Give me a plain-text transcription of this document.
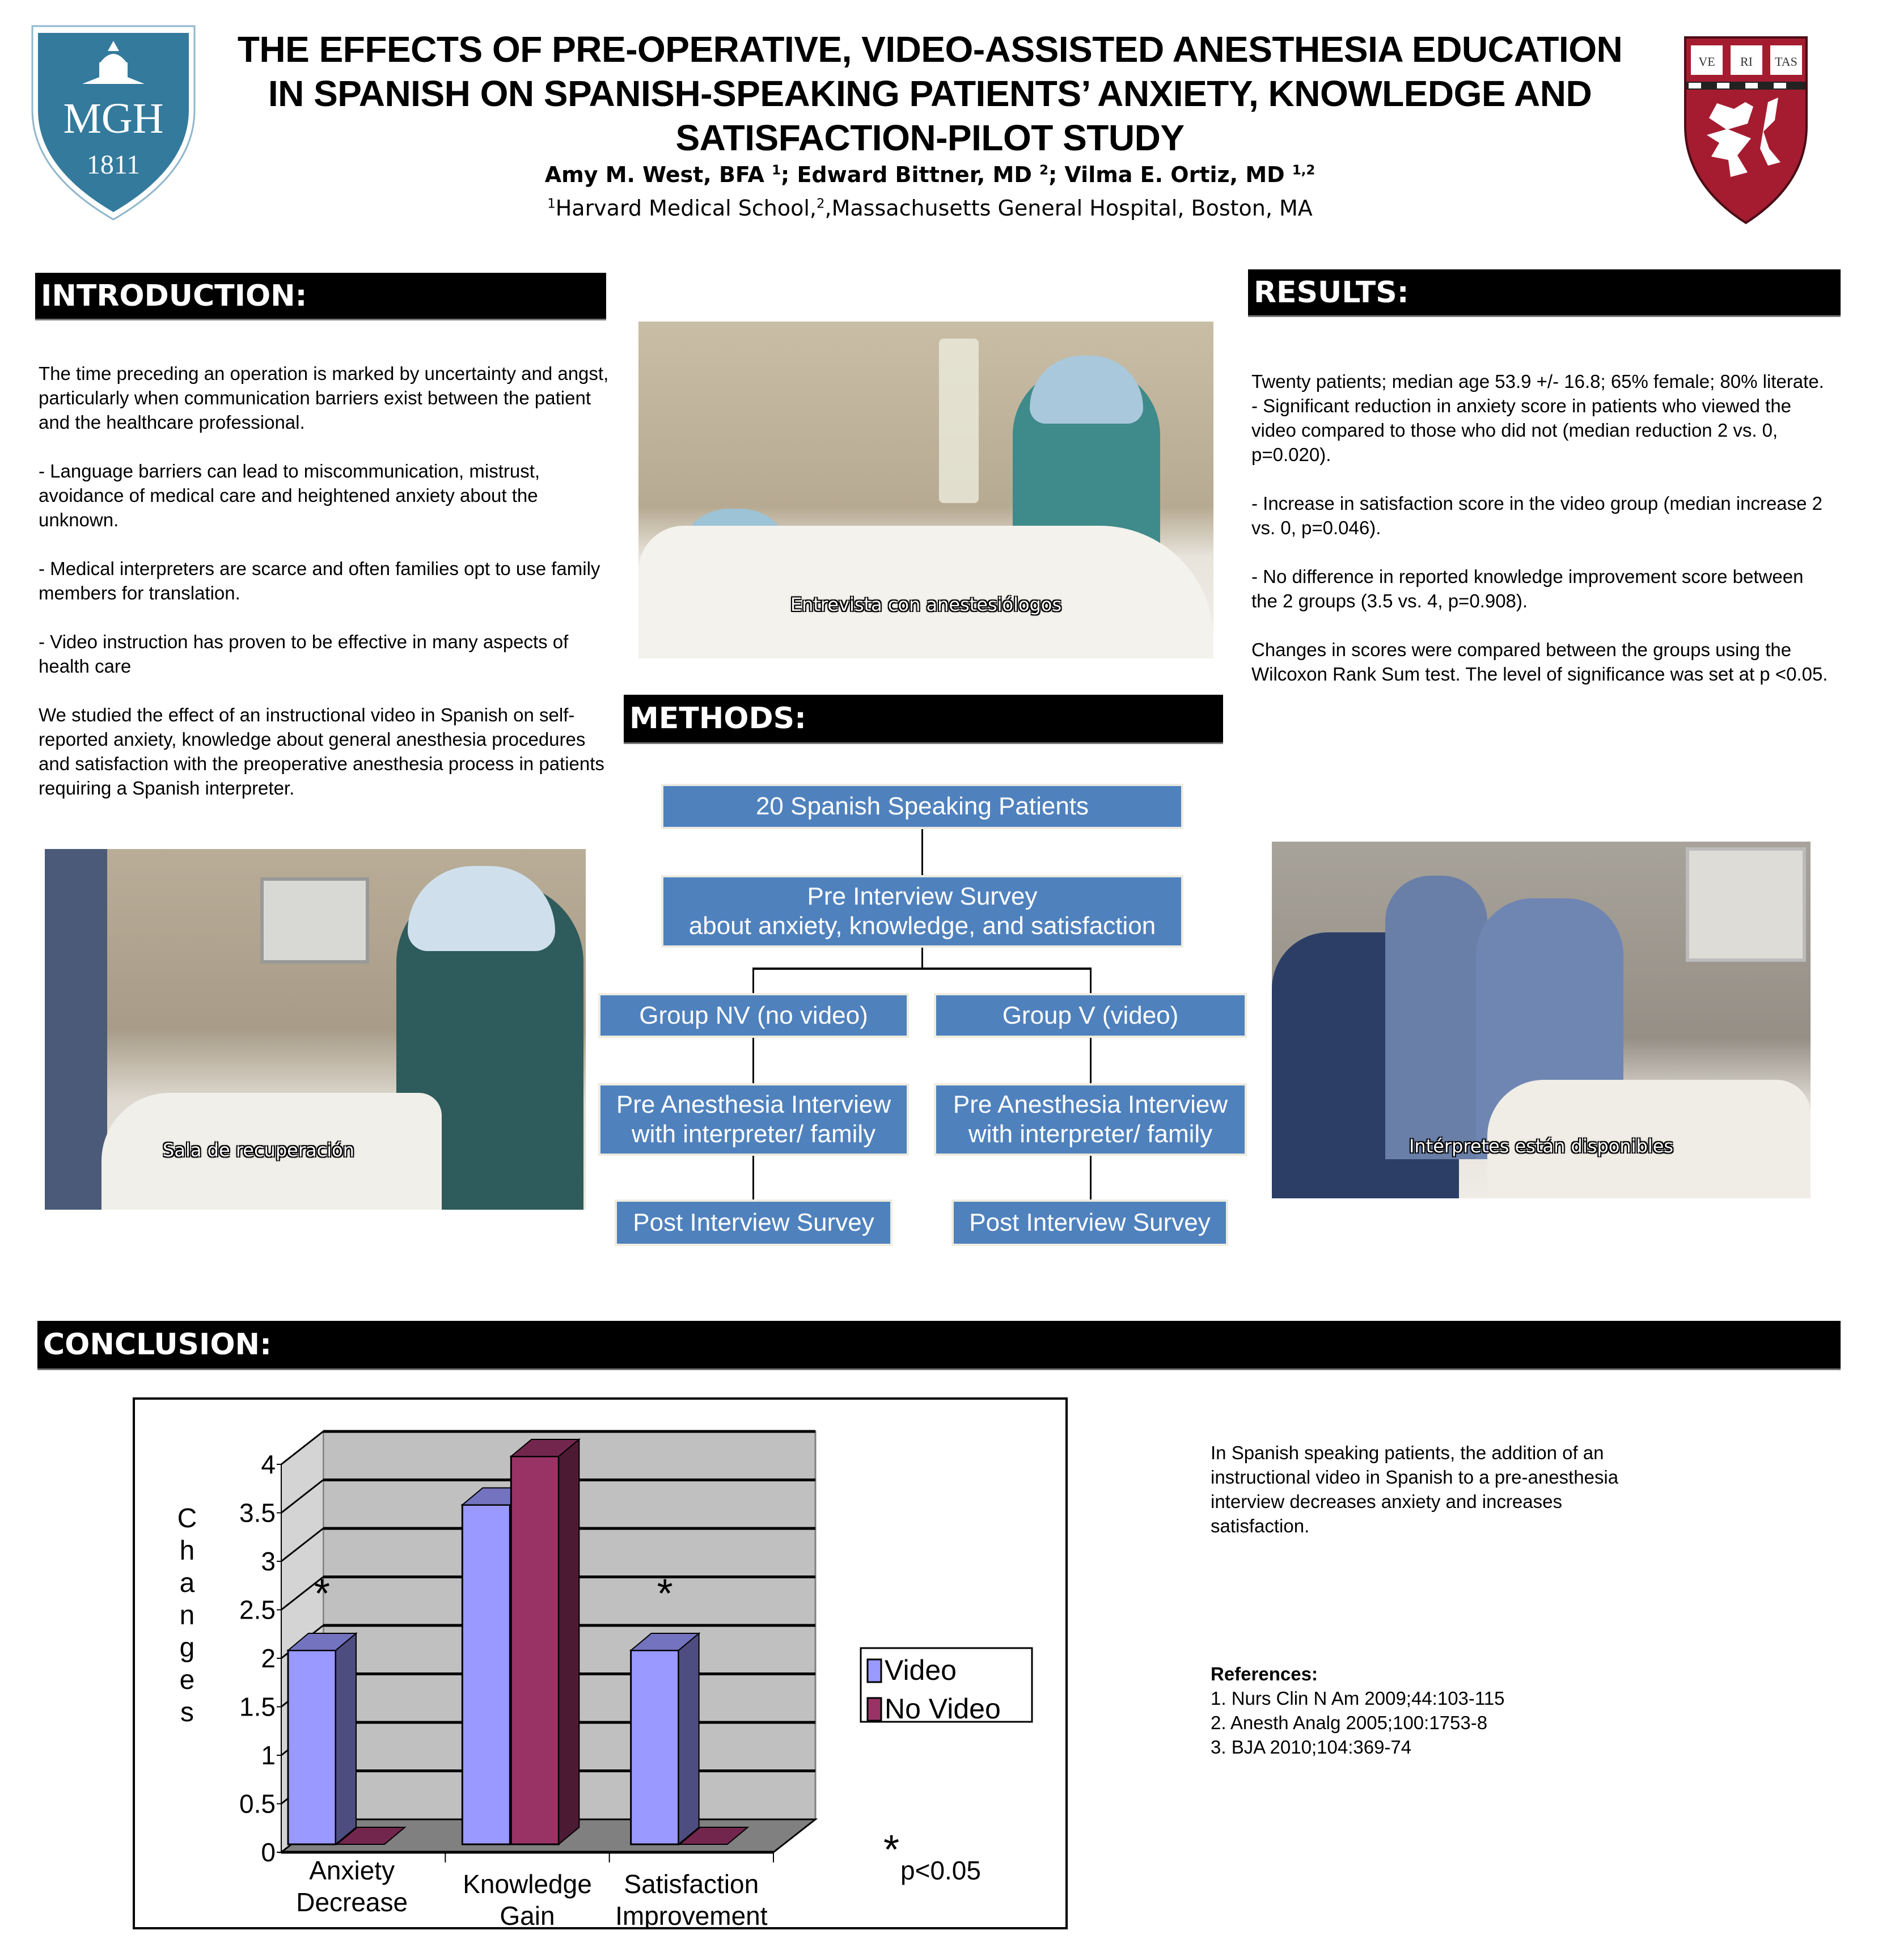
MGH
1811
THE EFFECTS OF PRE-OPERATIVE, VIDEO-ASSISTED ANESTHESIA EDUCATION
IN SPANISH ON SPANISH-SPEAKING PATIENTS’ ANXIETY, KNOWLEDGE AND
SATISFACTION-PILOT STUDY
Amy M. West, BFA $^1$; Edward Bittner, MD $^2$; Vilma E. Ortiz, MD $^{1,2}$
$^1$Harvard Medical School,$^2$,Massachusetts General Hospital, Boston, MA
VE RI TAS
INTRODUCTION:

The time preceding an operation is marked by uncertainty and angst, particularly when communication barriers exist between the patient and the healthcare professional.

- Language barriers can lead to miscommunication, mistrust, avoidance of medical care and heightened anxiety about the unknown.

- Medical interpreters are scarce and often families opt to use family members for translation.

- Video instruction has proven to be effective in many aspects of health care

We studied the effect of an instructional video in Spanish on self-reported anxiety, knowledge about general anesthesia procedures and satisfaction with the preoperative anesthesia process in patients requiring a Spanish interpreter.

Entrevista con anestesiólogos
Sala de recuperación	Intérpretes están disponibles
METHODS:
20 Spanish Speaking Patients
Pre Interview Survey
about anxiety, knowledge, and satisfaction
Group NV (no video)	Group V (video)
Pre Anesthesia Interview
with interpreter/ family
Pre Anesthesia Interview
with interpreter/ family
Post Interview Survey	Post Interview Survey
RESULTS:

Twenty patients; median age 53.9 +/- 16.8; 65% female; 80% literate.

- Significant reduction in anxiety score in patients who viewed the video compared to those who did not (median reduction 2 vs. 0, p=0.020).

- Increase in satisfaction score in the video group (median increase 2 vs. 0, p=0.046).

- No difference in reported knowledge improvement score between the 2 groups (3.5 vs. 4, p=0.908).

Changes in scores were compared between the groups using the Wilcoxon Rank Sum test. The level of significance was set at p <0.05.

CONCLUSION:
0
0.5
1
1.5
2
2.5
3
3.5
4
Anxiety
Decrease
Knowledge
Gain
Satisfaction
Improvement
*	*
C
h
a
n
g
e
s
Video
No Video
* p<0.05
In Spanish speaking patients, the addition of an instructional video in Spanish to a pre-anesthesia interview decreases anxiety and increases satisfaction.
References:
1. Nurs Clin N Am 2009;44:103-115
2. Anesth Analg 2005;100:1753-8
3. BJA 2010;104:369-74
